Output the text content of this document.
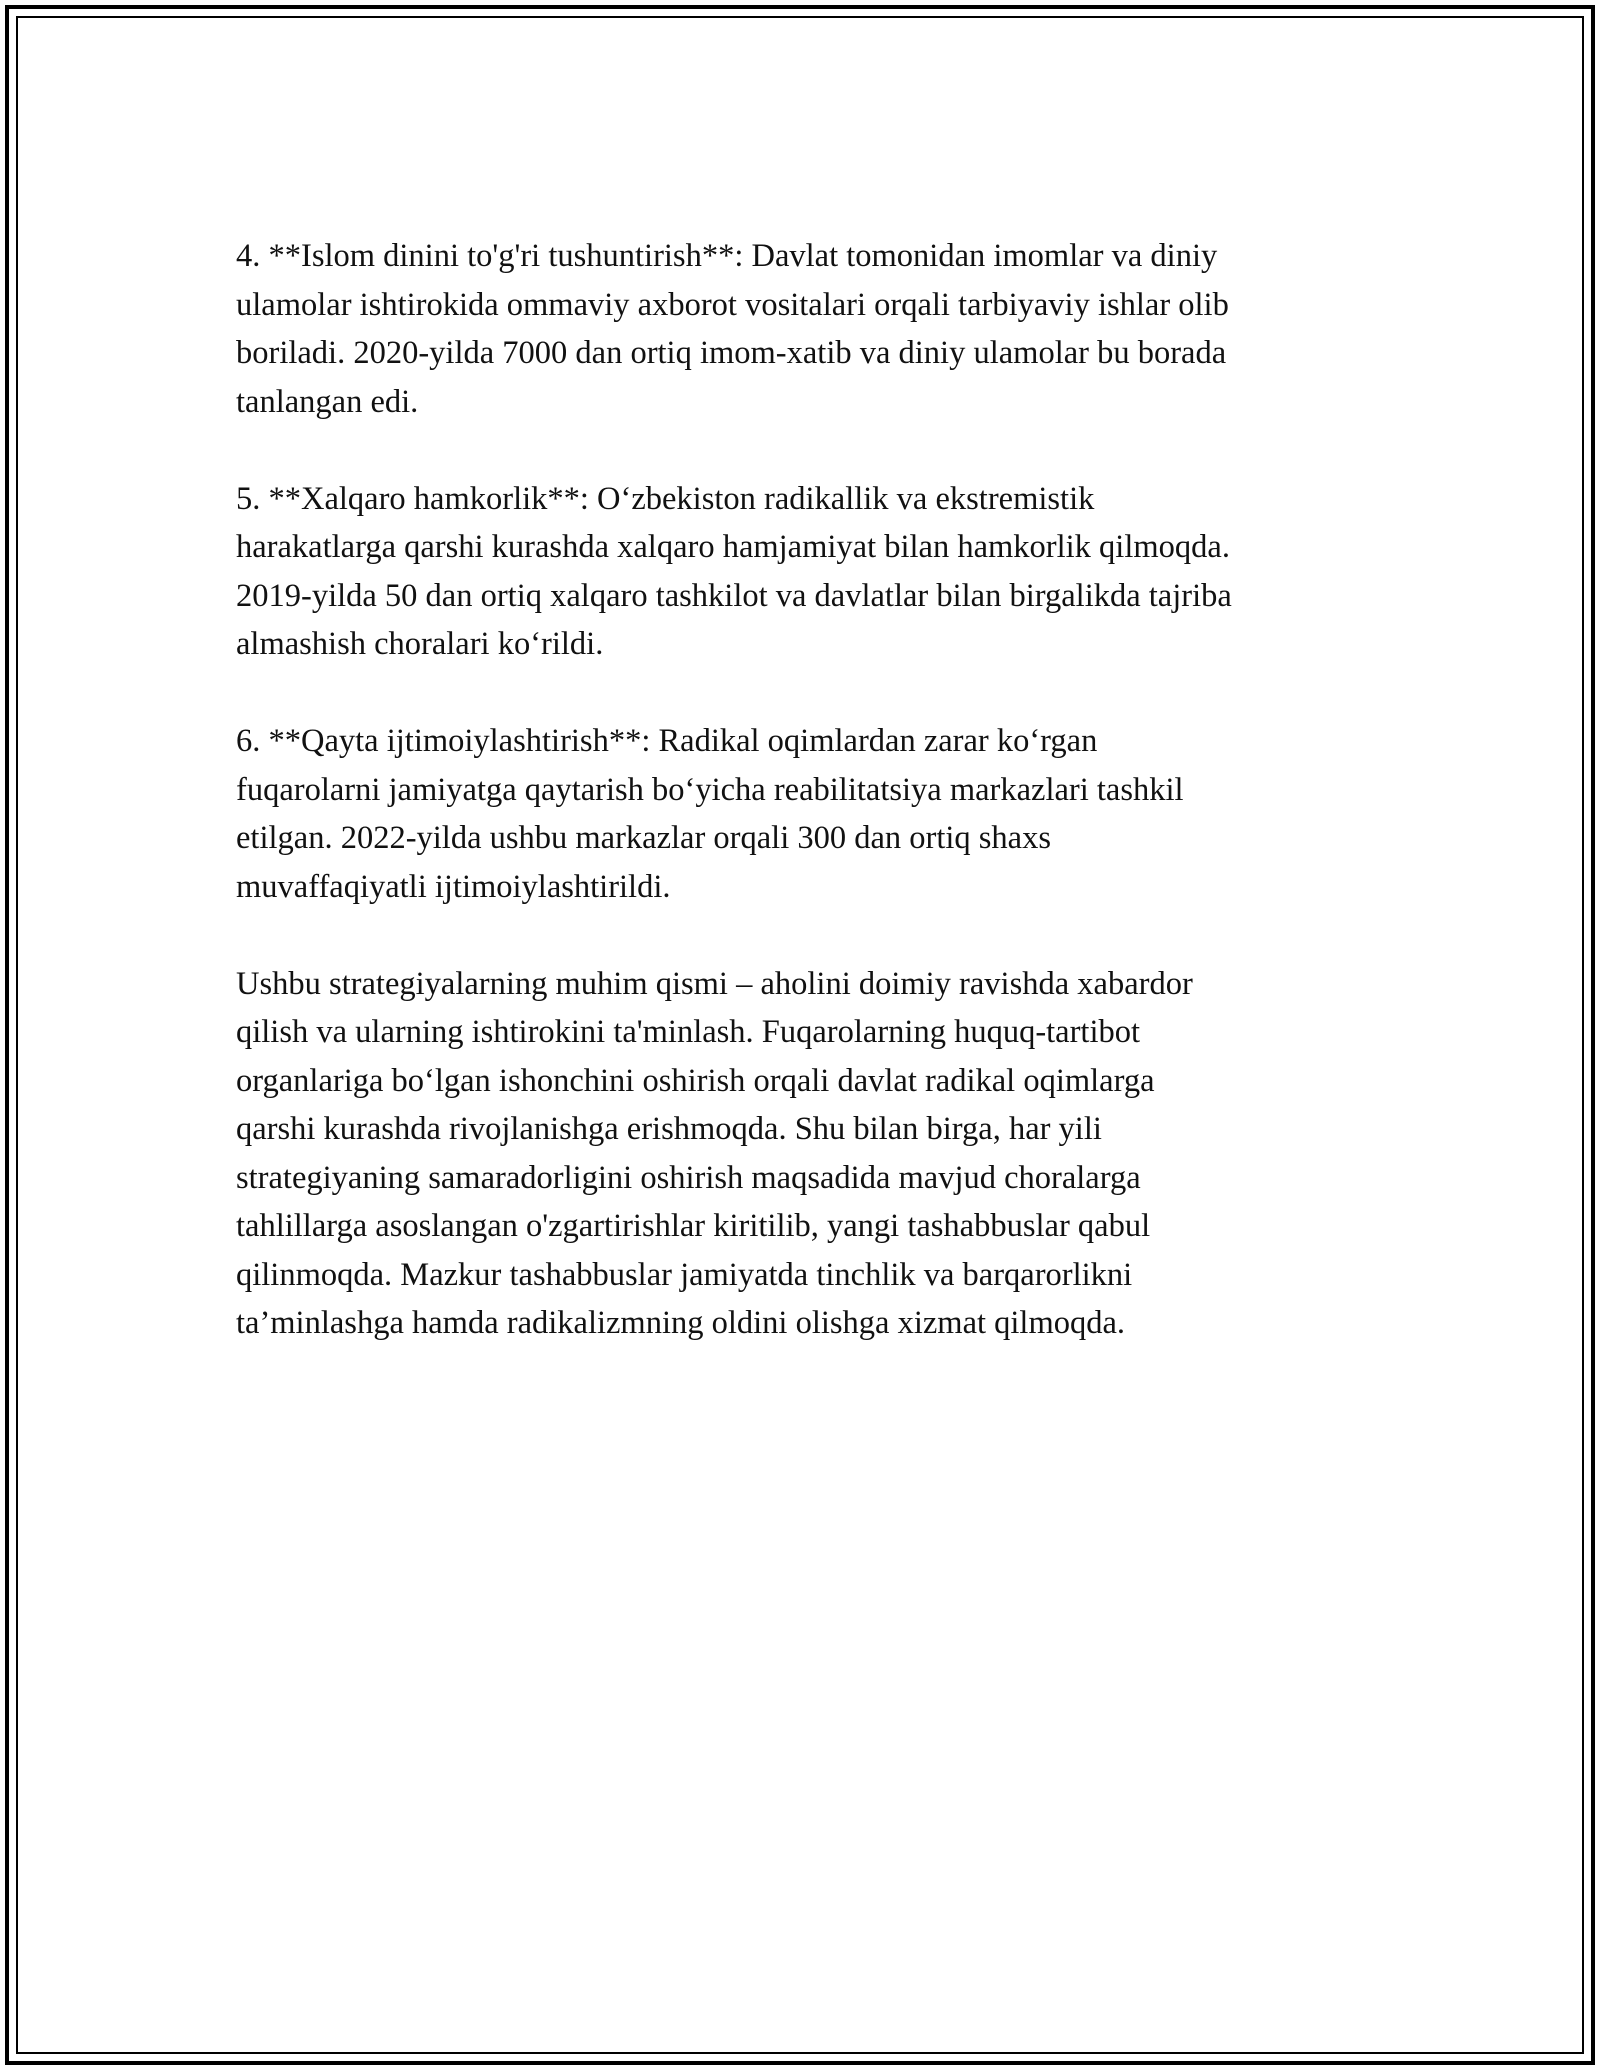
4. **Islom dinini to'g'ri tushuntirish**: Davlat tomonidan imomlar va diniy
ulamolar ishtirokida ommaviy axborot vositalari orqali tarbiyaviy ishlar olib
boriladi. 2020-yilda 7000 dan ortiq imom-xatib va diniy ulamolar bu borada
tanlangan edi.

5. **Xalqaro hamkorlik**: O‘zbekiston radikallik va ekstremistik
harakatlarga qarshi kurashda xalqaro hamjamiyat bilan hamkorlik qilmoqda.
2019-yilda 50 dan ortiq xalqaro tashkilot va davlatlar bilan birgalikda tajriba
almashish choralari ko‘rildi.

6. **Qayta ijtimoiylashtirish**: Radikal oqimlardan zarar ko‘rgan
fuqarolarni jamiyatga qaytarish bo‘yicha reabilitatsiya markazlari tashkil
etilgan. 2022-yilda ushbu markazlar orqali 300 dan ortiq shaxs
muvaffaqiyatli ijtimoiylashtirildi.

Ushbu strategiyalarning muhim qismi – aholini doimiy ravishda xabardor
qilish va ularning ishtirokini ta'minlash. Fuqarolarning huquq-tartibot
organlariga bo‘lgan ishonchini oshirish orqali davlat radikal oqimlarga
qarshi kurashda rivojlanishga erishmoqda. Shu bilan birga, har yili
strategiyaning samaradorligini oshirish maqsadida mavjud choralarga
tahlillarga asoslangan o'zgartirishlar kiritilib, yangi tashabbuslar qabul
qilinmoqda. Mazkur tashabbuslar jamiyatda tinchlik va barqarorlikni
ta’minlashga hamda radikalizmning oldini olishga xizmat qilmoqda.
